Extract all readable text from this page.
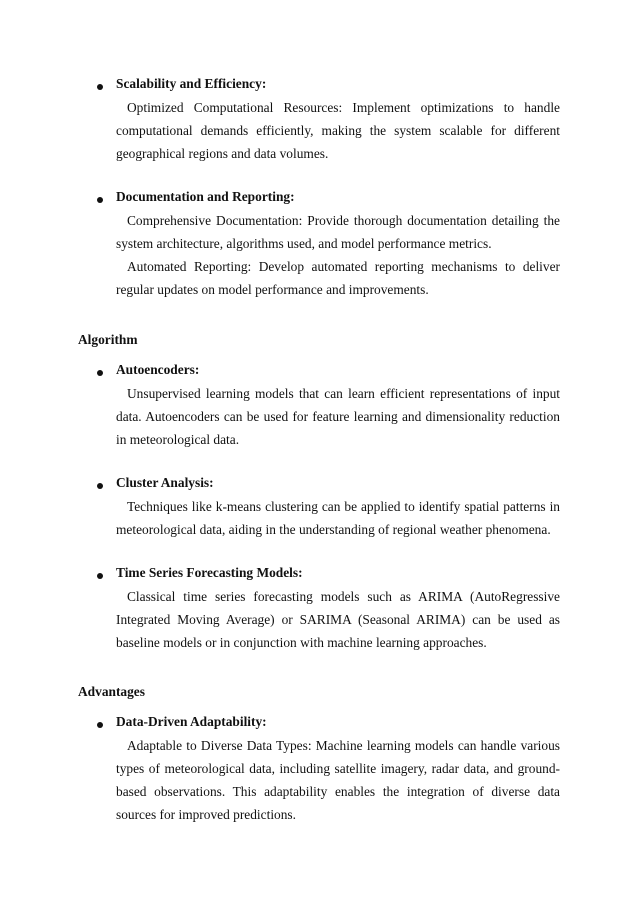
Scalability and Efficiency:
Optimized Computational Resources: Implement optimizations to handle computational demands efficiently, making the system scalable for different geographical regions and data volumes.
Documentation and Reporting:
Comprehensive Documentation: Provide thorough documentation detailing the system architecture, algorithms used, and model performance metrics.
Automated Reporting: Develop automated reporting mechanisms to deliver regular updates on model performance and improvements.
Algorithm
Autoencoders:
Unsupervised learning models that can learn efficient representations of input data. Autoencoders can be used for feature learning and dimensionality reduction in meteorological data.
Cluster Analysis:
Techniques like k-means clustering can be applied to identify spatial patterns in meteorological data, aiding in the understanding of regional weather phenomena.
Time Series Forecasting Models:
Classical time series forecasting models such as ARIMA (AutoRegressive Integrated Moving Average) or SARIMA (Seasonal ARIMA) can be used as baseline models or in conjunction with machine learning approaches.
Advantages
Data-Driven Adaptability:
Adaptable to Diverse Data Types: Machine learning models can handle various types of meteorological data, including satellite imagery, radar data, and ground-based observations. This adaptability enables the integration of diverse data sources for improved predictions.
